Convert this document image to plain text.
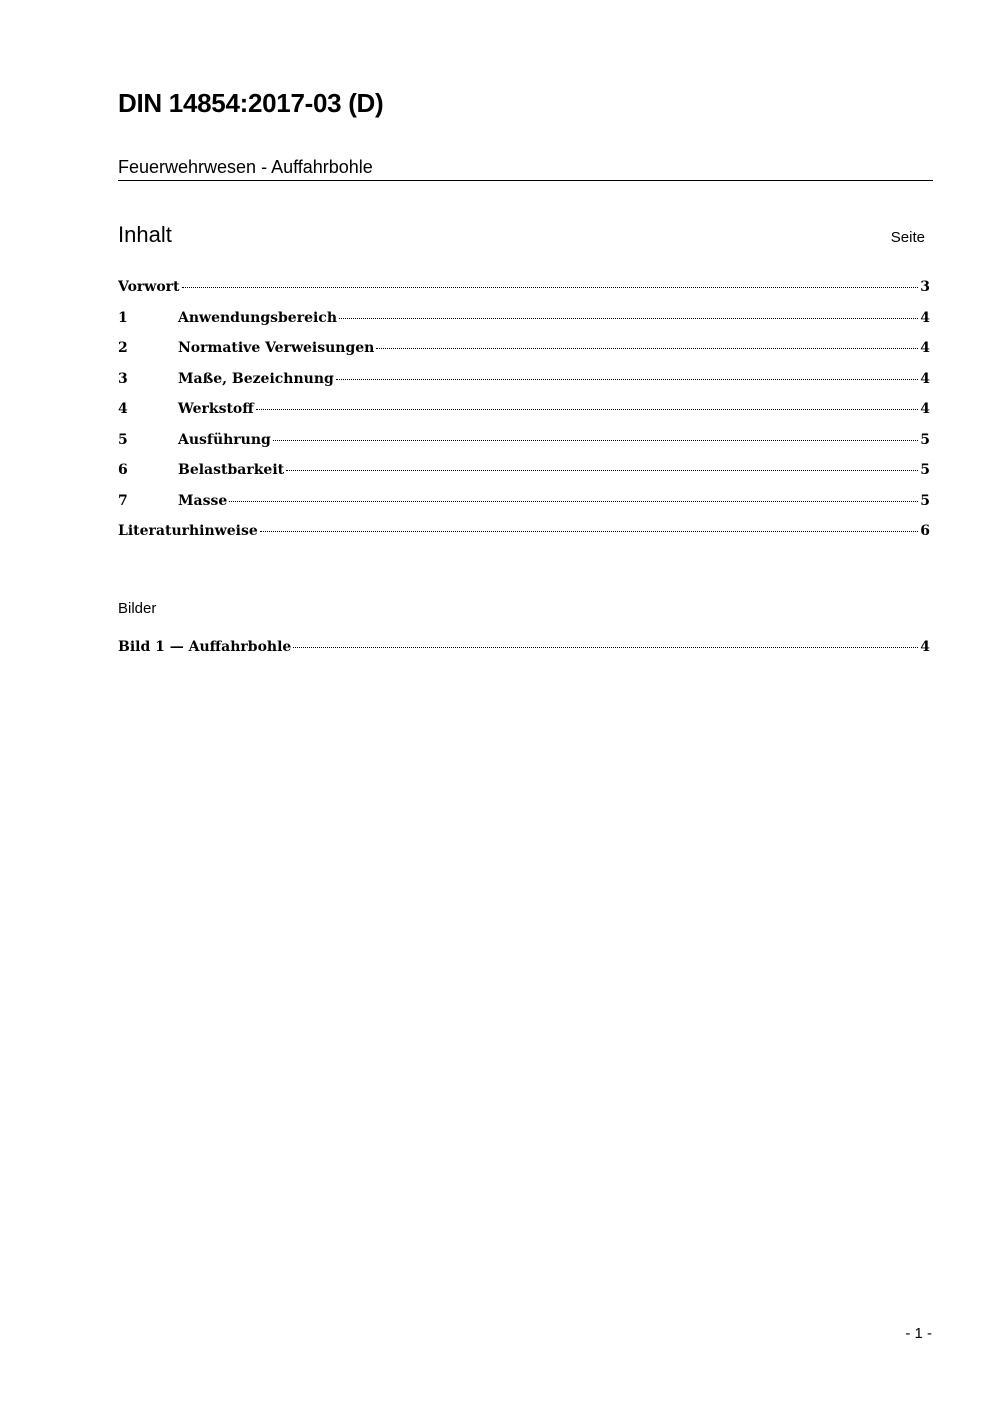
DIN 14854:2017-03 (D)
Feuerwehrwesen - Auffahrbohle
Inhalt	Seite
Vorwort	3
1	Anwendungsbereich	4
2	Normative Verweisungen	4
3	Maße, Bezeichnung	4
4	Werkstoff	4
5	Ausführung	5
6	Belastbarkeit	5
7	Masse	5
Literaturhinweise	6
Bilder
Bild 1 — Auffahrbohle	4
- 1 -
